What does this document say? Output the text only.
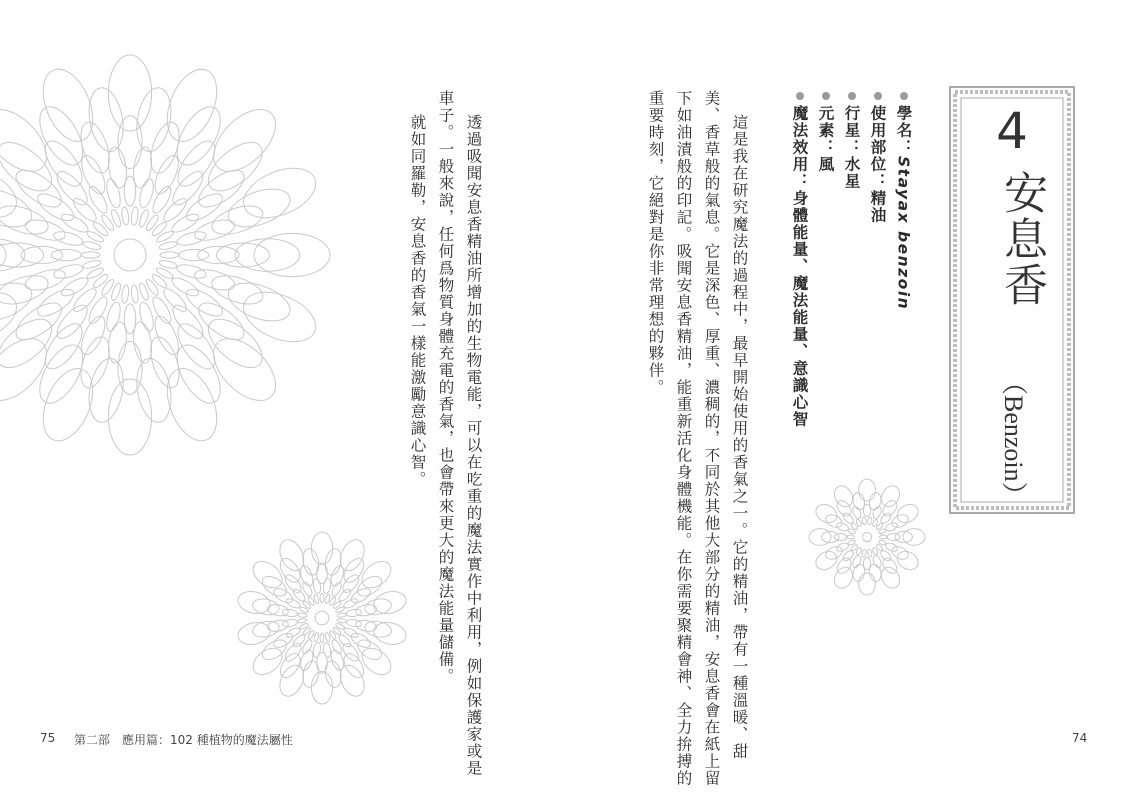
4
安息香
（Benzoin）
學名：Stayax benzoin
使用部位：精油
行星：水星
元素：風
魔法效用：身體能量、魔法能量、意識心智
這是我在研究魔法的過程中，最早開始使用的香氣之一。它的精油，帶有一種溫暖、甜
美、香草般的氣息。它是深色、厚重、濃稠的，不同於其他大部分的精油，安息香會在紙上留
下如油漬般的印記。吸聞安息香精油，能重新活化身體機能。在你需要聚精會神、全力拚搏的
重要時刻，它絕對是你非常理想的夥伴。
透過吸聞安息香精油所增加的生物電能，可以在吃重的魔法實作中利用，例如保護家或是
車子。一般來說，任何爲物質身體充電的香氣，也會帶來更大的魔法能量儲備。
就如同羅勒，安息香的香氣一樣能激勵意識心智。
75 第二部　應用篇：102 種植物的魔法屬性	74
